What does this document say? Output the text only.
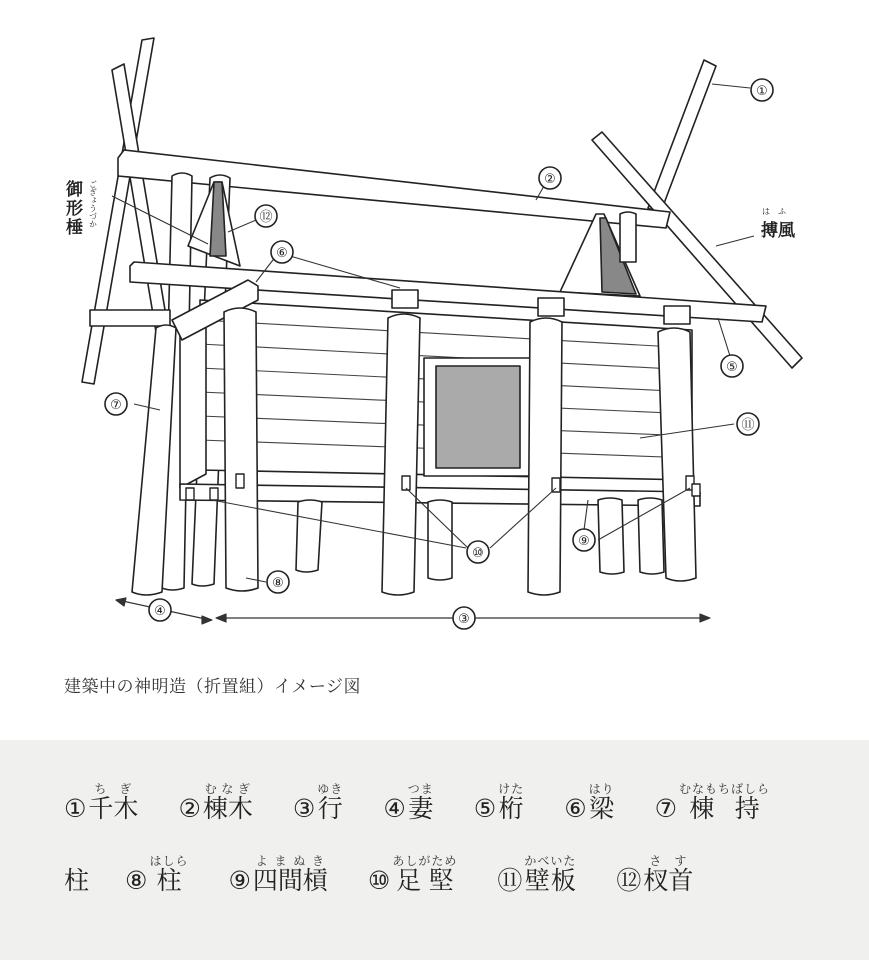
①
②
③
④
⑤
⑥
⑦
⑧
⑨
⑩
⑪
⑫
御形棰 ごぎょうづか	はふ
搏風
建築中の神明造（折置組）イメージ図
① 千木ちぎ
② 棟木むなぎ
③ 行ゆき
④ 妻つま
⑤ 桁けた
⑥ 梁はり
⑦ 棟持むなもちばしら
柱 ⑧ 柱はしら
⑨ 四間槓よまぬき
⑩ 足堅あしがため
⑪ 壁板かべいた
⑫ 杈首さす
